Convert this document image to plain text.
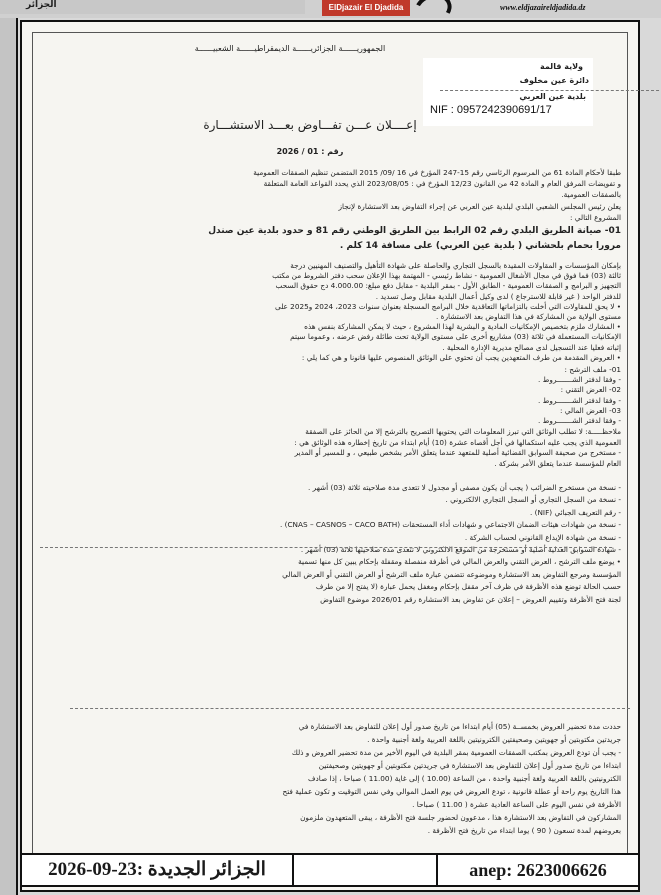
الجزائر	ElDjazair El Djadida	www.eldjazaireldjadida.dz
الجزائر الجديدة :23-09-2026	anep: 2623006626
الجمهوريــــــة الجزائريــــــة الديمقراطيــــــة الشعبيــــــة
ولاية قالمة
دائرة عين مخلوف
بلدية عين العربي
NIF : 0957242390691/17
إعــــلان عـــن تفـــاوض بعـــد الاستشـــارة
رقم : 01 / 2026
طبقا لأحكام المادة 61 من المرسوم الرئاسي رقم 15-247 المؤرخ في 16 /09/ 2015 المتضمن تنظيم الصفقات العمومية
و تفويضات المرفق العام و المادة 42 من القانون 12/23 المؤرخ في : 2023/08/05 الذي يحدد القواعد العامة المتعلقة
بالصفقات العمومية.
يعلن رئيس المجلس الشعبي البلدي لبلدية عين العربي عن إجراء التفاوض بعد الاستشارة لإنجاز
المشروع التالي :
01- صيانة الطريق البلدي رقم 02 الرابط بين الطريق الوطني رقم 81 و حدود بلدية عين صندل
مرورا بحمام بلحشاني ( بلدية عين العربي) على مسافة 14 كلم .
بإمكان المؤسسات و المقاولات المقيدة بالسجل التجاري والحاصلة على شهادة التأهيل والتصنيف المهنيين درجة
ثالثة (03) فما فوق في مجال الأشغال العمومية - نشاط رئيسي - المهتمة بهذا الإعلان سحب دفتر الشروط من مكتب
التجهيز و البرامج و الصفقات العمومية - الطابق الأول - بمقر البلدية - مقابل دفع مبلغ: 4.000.00 دج حقوق السحب
للدفتر الواحد ( غير قابلة للاسترجاع ) لدى وكيل أعمال البلدية مقابل وصل تسديد .
• لا يحق للمقاولات التي أخلت بالتزاماتها التعاقدية خلال البرامج المسجلة بعنوان سنوات 2023، 2024 و2025 على
مستوى الولاية من المشاركة في هذا التفاوض بعد الاستشارة .
• المشارك ملزم بتخصيص الإمكانيات المادية و البشرية لهذا المشروع ، حيث لا يمكن المشاركة بنفس هذه
الإمكانيات المستعملة في ثلاثة (03) مشاريع أخرى على مستوى الولاية تحت طائلة رفض عرضه ، وعموما سيتم
إثباته فعليا عند التسجيل لدى مصالح مديرية الإدارة المحلية .
• العروض المقدمة من طرف المتعهدين يجب أن تحتوي على الوثائق المنصوص عليها قانونا و هي كما يلي :
01- ملف الترشح :
- وفقا لدفتر الشـــــــروط .
02- العرض التقني :
- وفقا لدفتر الشـــــــروط .
03- العرض المالي :
- وفقا لدفتر الشـــــــروط .
ملاحظـــــة: لا تطلب الوثائق التي تبرز المعلومات التي يحتويها التصريح بالترشح إلا من الحائز على الصفقة
العمومية الذي يجب عليه استكمالها في أجل أقصاه عشرة (10) أيام ابتداء من تاريخ إخطاره هذه الوثائق هي :
- مستخرج من صحيفة السوابق القضائية أصلية للمتعهد عندما يتعلق الأمر بشخص طبيعي ، و للمسير أو المدير
العام للمؤسسة عندما يتعلق الأمر بشركة .
- نسخة من مستخرج الضرائب ( يجب أن يكون مصفى أو مجدول لا تتعدى مدة صلاحيته ثلاثة (03) أشهر .
- نسخة من السجل التجاري أو السجل التجاري الالكتروني .
- رقم التعريف الجبائي (NIF) .
- نسخة من شهادات هيئات الضمان الاجتماعي و شهادات أداء المستحقات (CNAS – CASNOS – CACO BATH) .
- نسخة من شهادة الإيداع القانوني لحساب الشركة .
- شهادة السوابق العدلية أصلية أو مستخرجة من الموقع الالكتروني لا تتعدى مدة صلاحيتها ثلاثة (03) أشهر .
• يوضع ملف الترشح ، العرض التقني والعرض المالي في أظرفة منفصلة ومقفلة بإحكام يبين كل منها تسمية
المؤسسة ومرجع التفاوض بعد الاستشارة وموضوعه تتضمن عبارة ملف الترشح أو العرض التقني أو العرض المالي
حسب الحالة توضع هذه الأظرفة في ظرف آخر مقفل بإحكام ومغفل يحمل عبارة (لا يفتح إلا من طرف
لجنة فتح الأظرفة وتقييم العروض – إعلان عن تفاوض بعد الاستشارة رقم 2026/01 موضوع التفاوض
حددت مدة تحضير العروض بخمســة (05) أيام ابتداءا من تاريخ صدور أول إعلان للتفاوض بعد الاستشارة في
جريدتين مكتوبتين أو جهويتين وصحيفتين الكترونيتين باللغة العربية ولغة أجنبية واحدة .
- يجب أن تودع العروض بمكتب الصفقات العمومية بمقر البلدية في اليوم الأخير من مدة تحضير العروض و ذلك
ابتداءا من تاريخ صدور أول إعلان للتفاوض بعد الاستشارة في جريدتين مكتوبتين أو جهويتين وصحيفتين
الكترونيتين باللغة العربية ولغة أجنبية واحدة ، من الساعة (10.00 ) إلى غاية (11.00 ) صباحا ، إذا صادف
هذا التاريخ يوم راحة أو عطلة قانونية ، تودع العروض في يوم العمل الموالي وفي نفس التوقيت و تكون عملية فتح
الأظرفة في نفس اليوم على الساعة العادية عشرة ( 11.00 ) صباحا .
المشاركون في التفاوض بعد الاستشارة هذا ، مدعوون لحضور جلسة فتح الأظرفة ، يبقى المتعهدون ملزمون
بعروضهم لمدة تسعون ( 90 ) يوما ابتداء من تاريخ فتح الأظرفة .
